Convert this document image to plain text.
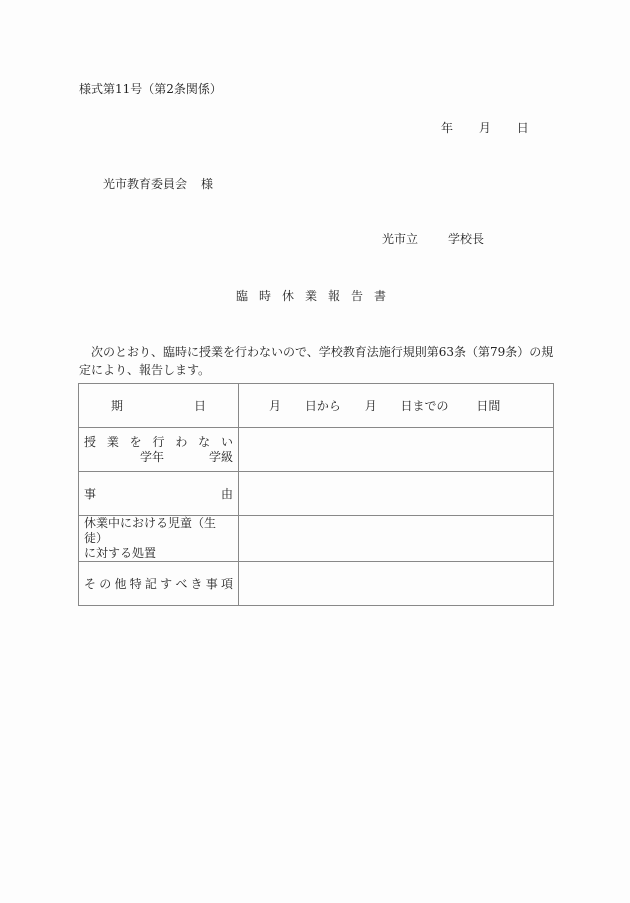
様式第11号（第2条関係）
年 月 日
光市教育委員会 様
光市立	学校長
臨時休業報告書
次のとおり、臨時に授業を行わないので、学校教育法施行規則第63条（第79条）の規定により、報告します。
期 日	月 日から 月 日までの 日間

授 業 を 行 わ な い
学年	学級

事 由	

休業中における児童（生徒）
に対する処置	

そ の 他 特 記 す べ き 事 項
